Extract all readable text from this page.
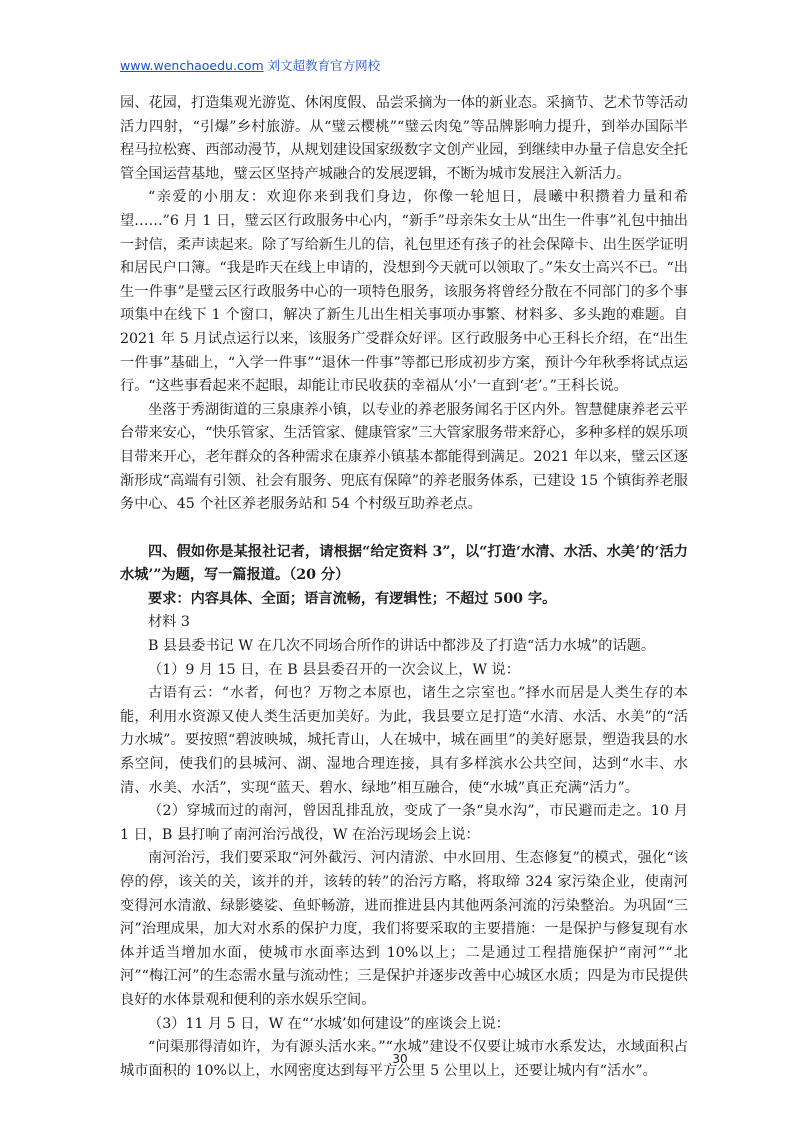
www.wenchaoedu.com 刘文超教育官方网校

园、花园，打造集观光游览、休闲度假、品尝采摘为一体的新业态。采摘节、艺术节等活动活力四射，“引爆”乡村旅游。从“璧云樱桃”“璧云肉兔”等品牌影响力提升，到举办国际半程马拉松赛、西部动漫节，从规划建设国家级数字文创产业园，到继续申办量子信息安全托管全国运营基地，璧云区坚持产城融合的发展逻辑，不断为城市发展注入新活力。

“亲爱的小朋友：欢迎你来到我们身边，你像一轮旭日，晨曦中积攒着力量和希望……”6 月 1 日，璧云区行政服务中心内，“新手”母亲朱女士从“出生一件事”礼包中抽出一封信，柔声读起来。除了写给新生儿的信，礼包里还有孩子的社会保障卡、出生医学证明和居民户口簿。“我是昨天在线上申请的，没想到今天就可以领取了。”朱女士高兴不已。“出生一件事”是璧云区行政服务中心的一项特色服务，该服务将曾经分散在不同部门的多个事项集中在线下 1 个窗口，解决了新生儿出生相关事项办事繁、材料多、多头跑的难题。自 2021 年 5 月试点运行以来，该服务广受群众好评。区行政服务中心王科长介绍，在“出生一件事”基础上，“入学一件事”“退休一件事”等都已形成初步方案，预计今年秋季将试点运行。“这些事看起来不起眼，却能让市民收获的幸福从‘小’一直到‘老’。”王科长说。

坐落于秀湖街道的三泉康养小镇，以专业的养老服务闻名于区内外。智慧健康养老云平台带来安心，“快乐管家、生活管家、健康管家”三大管家服务带来舒心，多种多样的娱乐项目带来开心，老年群众的各种需求在康养小镇基本都能得到满足。2021 年以来，璧云区逐渐形成“高端有引领、社会有服务、兜底有保障”的养老服务体系，已建设 15 个镇街养老服务中心、45 个社区养老服务站和 54 个村级互助养老点。

四、假如你是某报社记者，请根据“给定资料 3”，以“打造‘水清、水活、水美’的‘活力水城’”为题，写一篇报道。（20 分）

要求：内容具体、全面；语言流畅，有逻辑性；不超过 500 字。

材料 3

B 县县委书记 W 在几次不同场合所作的讲话中都涉及了打造“活力水城”的话题。

（1）9 月 15 日，在 B 县县委召开的一次会议上，W 说：

古语有云：“水者，何也？万物之本原也，诸生之宗室也。”择水而居是人类生存的本能，利用水资源又使人类生活更加美好。为此，我县要立足打造“水清、水活、水美”的“活力水城”。要按照“碧波映城，城托青山，人在城中，城在画里”的美好愿景，塑造我县的水系空间，使我们的县城河、湖、湿地合理连接，具有多样滨水公共空间，达到“水丰、水清、水美、水活”，实现“蓝天、碧水、绿地”相互融合，使“水城”真正充满“活力”。

（2）穿城而过的南河，曾因乱排乱放，变成了一条“臭水沟”，市民避而走之。10 月 1 日，B 县打响了南河治污战役，W 在治污现场会上说：

南河治污，我们要采取“河外截污、河内清淤、中水回用、生态修复”的模式，强化“该停的停，该关的关，该并的并，该转的转”的治污方略，将取缔 324 家污染企业，使南河变得河水清澈、绿影婆娑、鱼虾畅游，进而推进县内其他两条河流的污染整治。为巩固“三河”治理成果，加大对水系的保护力度，我们将要采取的主要措施：一是保护与修复现有水体并适当增加水面，使城市水面率达到 10%以上；二是通过工程措施保护“南河”“北河”“梅江河”的生态需水量与流动性；三是保护并逐步改善中心城区水质；四是为市民提供良好的水体景观和便利的亲水娱乐空间。

（3）11 月 5 日，W 在“‘水城’如何建设”的座谈会上说：

“问渠那得清如许，为有源头活水来。”“水城”建设不仅要让城市水系发达，水域面积占城市面积的 10%以上，水网密度达到每平方公里 5 公里以上，还要让城内有“活水”。

30
